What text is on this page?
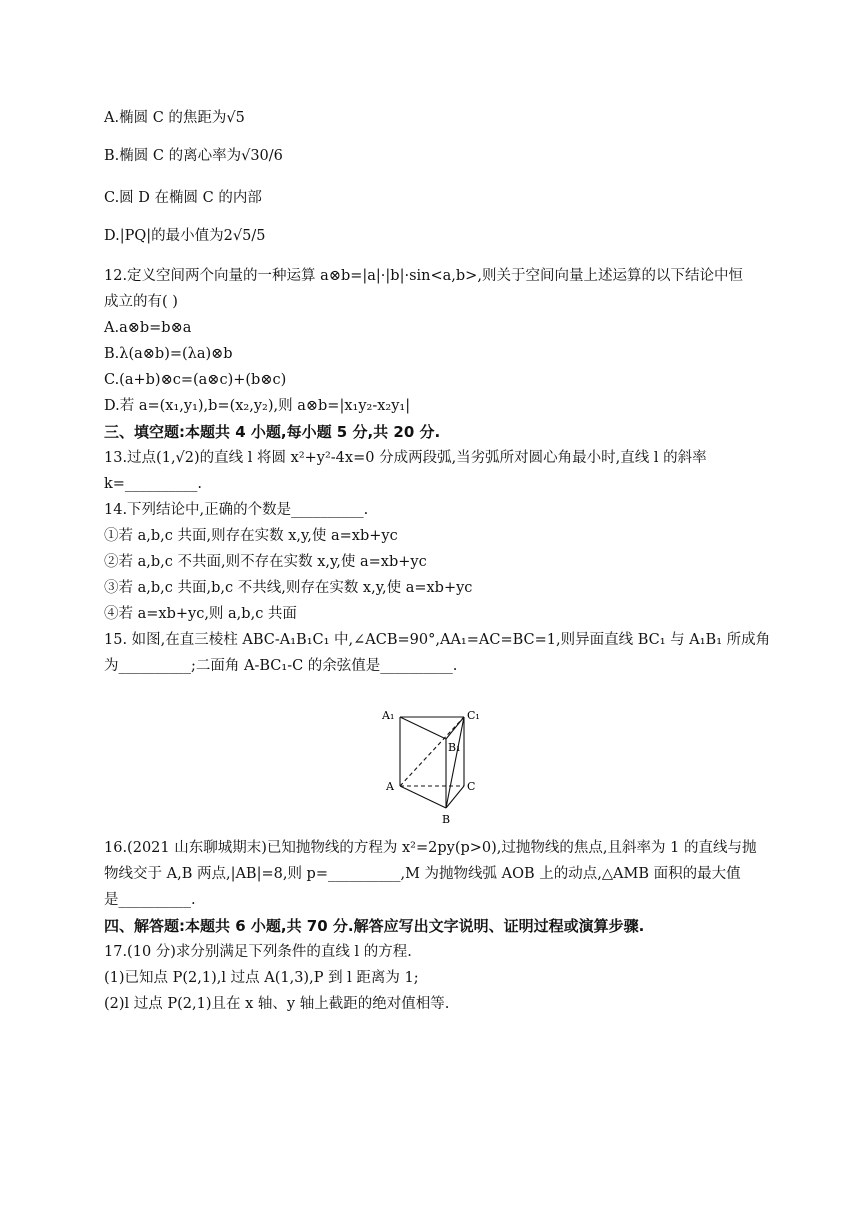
A.椭圆 C 的焦距为√5
B.椭圆 C 的离心率为√30/6
C.圆 D 在椭圆 C 的内部
D.|PQ|的最小值为2√5/5
12.定义空间两个向量的一种运算 a⊗b=|a|·|b|·sin<a,b>,则关于空间向量上述运算的以下结论中恒
成立的有( )
A.a⊗b=b⊗a
B.λ(a⊗b)=(λa)⊗b
C.(a+b)⊗c=(a⊗c)+(b⊗c)
D.若 a=(x₁,y₁),b=(x₂,y₂),则 a⊗b=|x₁y₂-x₂y₁|
三、填空题:本题共 4 小题,每小题 5 分,共 20 分.
13.过点(1,√2)的直线 l 将圆 x²+y²-4x=0 分成两段弧,当劣弧所对圆心角最小时,直线 l 的斜率
k=__________.
14.下列结论中,正确的个数是__________.
①若 a,b,c 共面,则存在实数 x,y,使 a=xb+yc
②若 a,b,c 不共面,则不存在实数 x,y,使 a=xb+yc
③若 a,b,c 共面,b,c 不共线,则存在实数 x,y,使 a=xb+yc
④若 a=xb+yc,则 a,b,c 共面
15. 如图,在直三棱柱 ABC-A₁B₁C₁ 中,∠ACB=90°,AA₁=AC=BC=1,则异面直线 BC₁ 与 A₁B₁ 所成角
为__________;二面角 A-BC₁-C 的余弦值是__________.
16.(2021 山东聊城期末)已知抛物线的方程为 x²=2py(p>0),过抛物线的焦点,且斜率为 1 的直线与抛
物线交于 A,B 两点,|AB|=8,则 p=__________,M 为抛物线弧 AOB 上的动点,△AMB 面积的最大值
是__________.
四、解答题:本题共 6 小题,共 70 分.解答应写出文字说明、证明过程或演算步骤.
17.(10 分)求分别满足下列条件的直线 l 的方程.
(1)已知点 P(2,1),l 过点 A(1,3),P 到 l 距离为 1;
(2)l 过点 P(2,1)且在 x 轴、y 轴上截距的绝对值相等.
A₁	C₁
B₁
A	C
B
